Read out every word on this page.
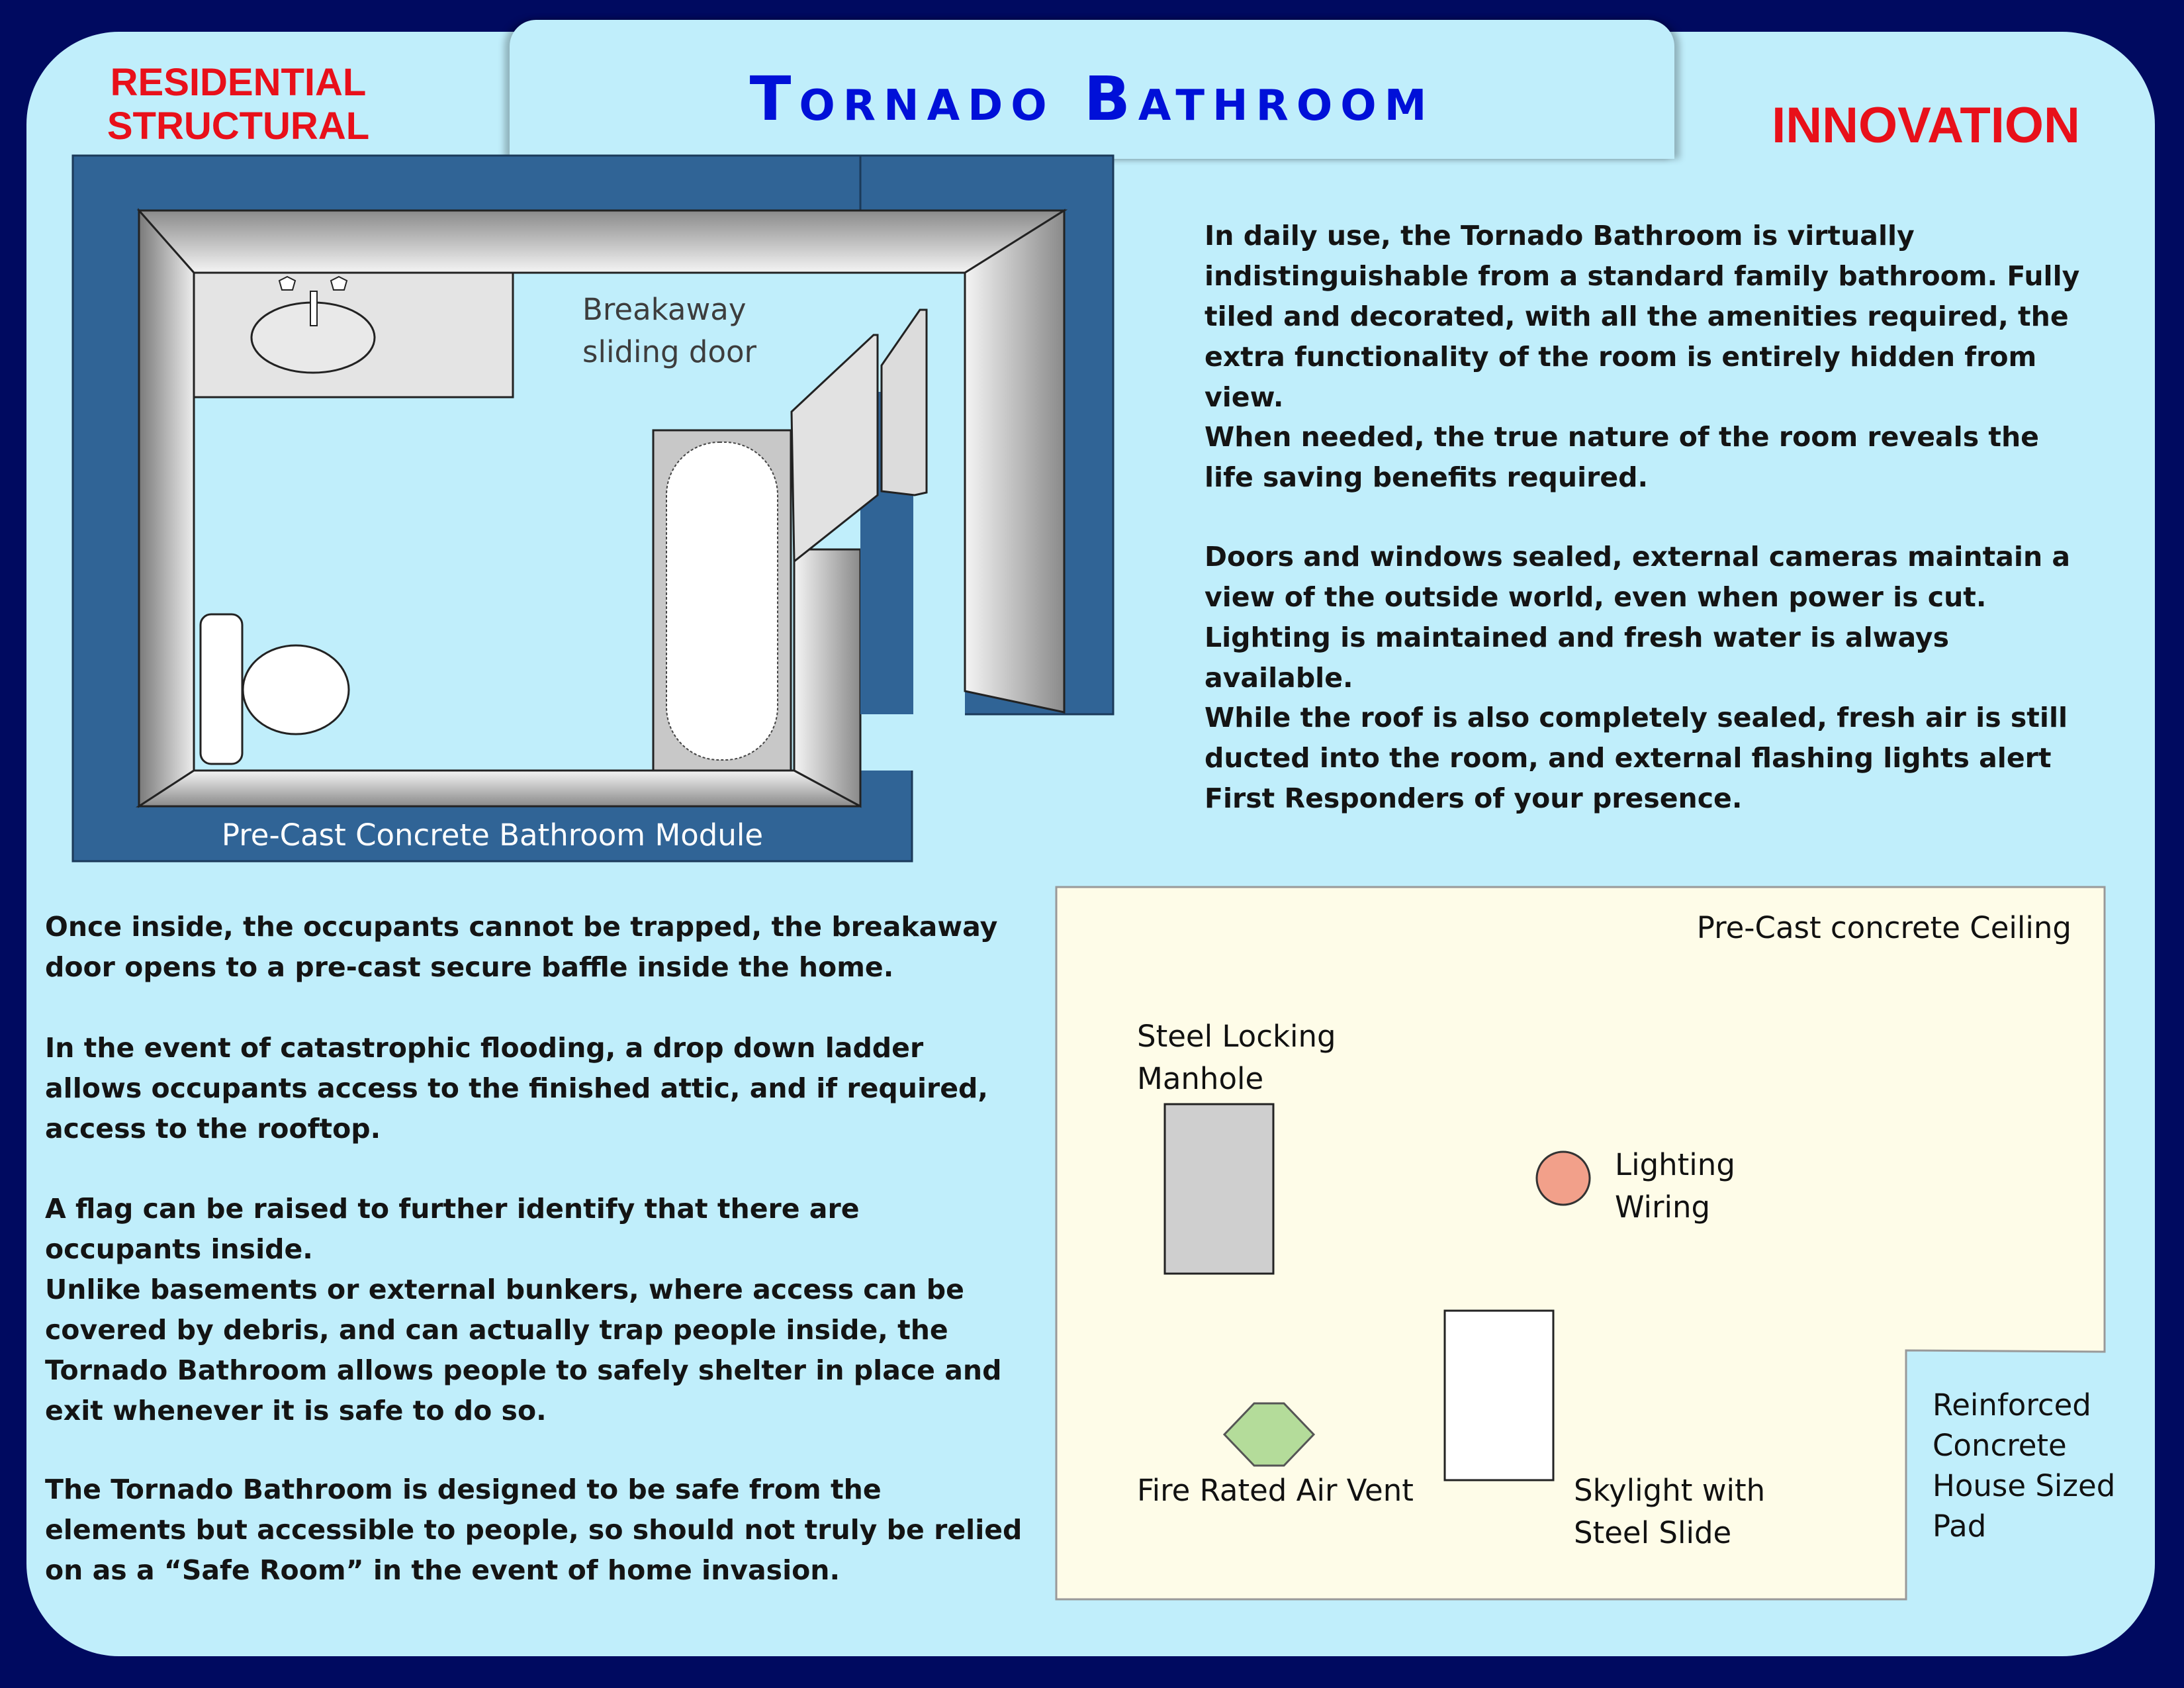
Tornado Bathroom
RESIDENTIAL
STRUCTURAL	INNOVATION
Breakaway
sliding door
Pre-Cast Concrete Bathroom Module

In daily use, the Tornado Bathroom is virtually indistinguishable from a standard family bathroom. Fully tiled and decorated, with all the amenities required, the extra functionality of the room is entirely hidden from view.

When needed, the true nature of the room reveals the life saving benefits required.

Doors and windows sealed, external cameras maintain a view of the outside world, even when power is cut. Lighting is maintained and fresh water is always available.

While the roof is also completely sealed, fresh air is still ducted into the room, and external flashing lights alert First Responders of your presence.

Once inside, the occupants cannot be trapped, the breakaway door opens to a pre-cast secure baffle inside the home.

In the event of catastrophic flooding, a drop down ladder allows occupants access to the finished attic, and if required, access to the rooftop.

A flag can be raised to further identify that there are occupants inside.

Unlike basements or external bunkers, where access can be covered by debris, and can actually trap people inside, the Tornado Bathroom allows people to safely shelter in place and exit whenever it is safe to do so.

The Tornado Bathroom is designed to be safe from the elements but accessible to people, so should not truly be relied on as a “Safe Room” in the event of home invasion.

Pre-Cast concrete Ceiling
Steel Locking
Manhole
Lighting
Wiring
Fire Rated Air Vent	Skylight with
Steel Slide
Reinforced
Concrete
House Sized
Pad
